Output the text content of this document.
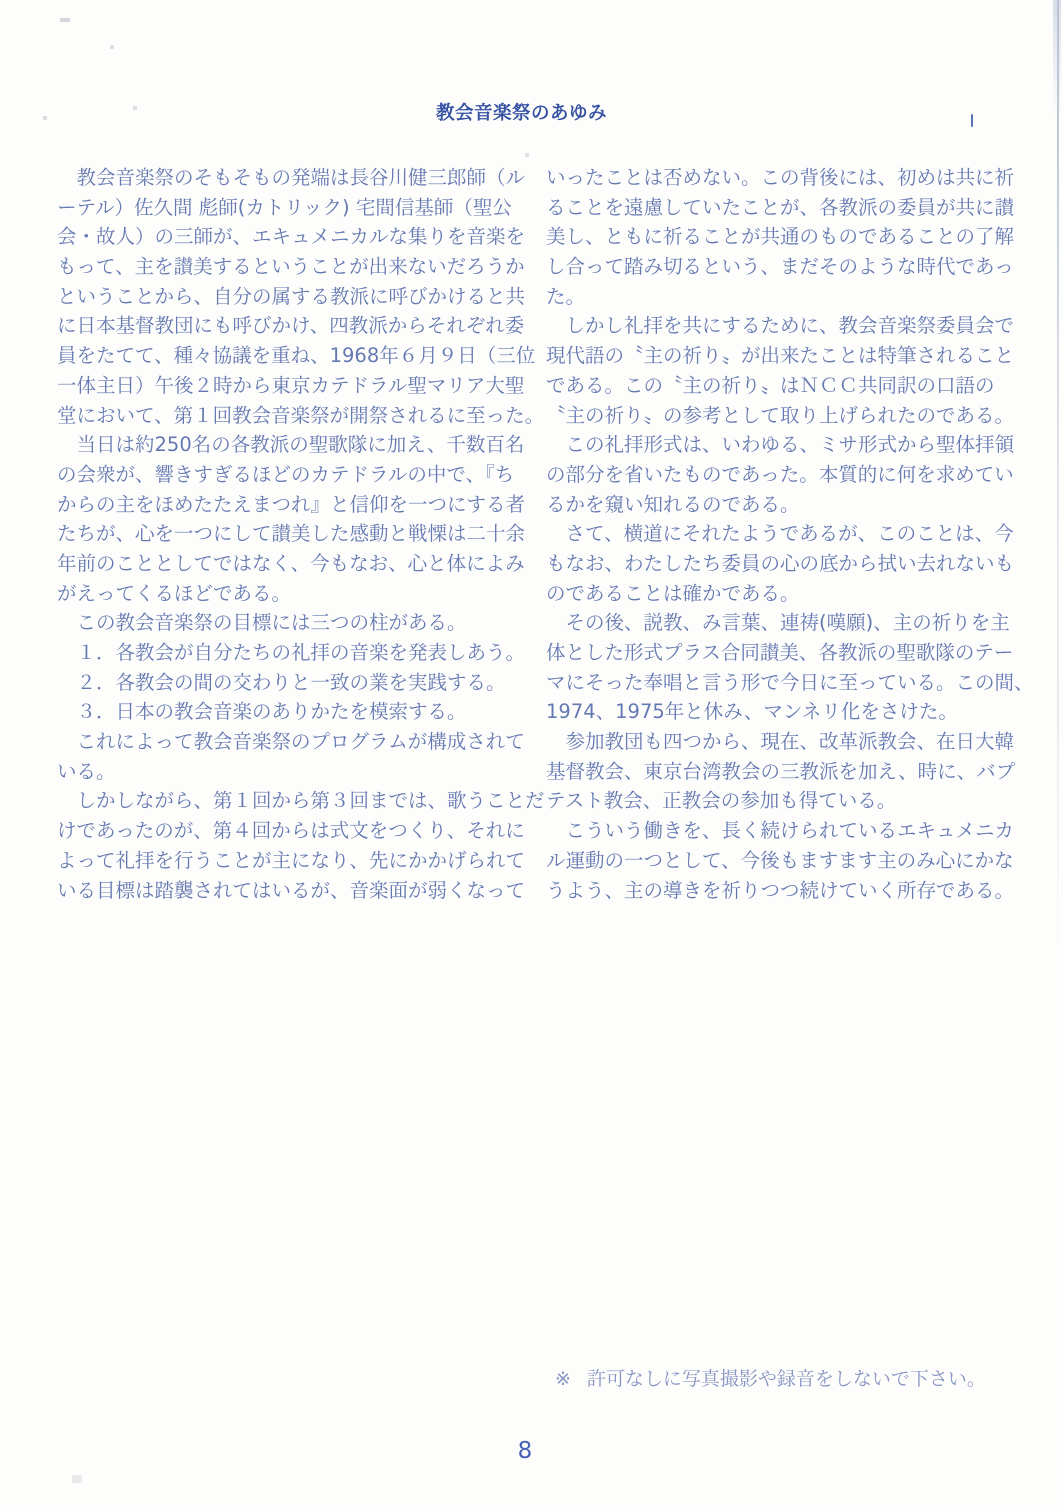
教会音楽祭のあゆみ
　教会音楽祭のそもそもの発端は長谷川健三郎師（ル
ーテル）佐久間 彪師(カトリック) 宅間信基師（聖公
会・故人）の三師が、エキュメニカルな集りを音楽を
もって、主を讃美するということが出来ないだろうか
ということから、自分の属する教派に呼びかけると共
に日本基督教団にも呼びかけ、四教派からそれぞれ委
員をたてて、種々協議を重ね、1968年６月９日（三位
一体主日）午後２時から東京カテドラル聖マリア大聖
堂において、第１回教会音楽祭が開祭されるに至った。
　当日は約250名の各教派の聖歌隊に加え、千数百名
の会衆が、響きすぎるほどのカテドラルの中で、『ち
からの主をほめたたえまつれ』と信仰を一つにする者
たちが、心を一つにして讃美した感動と戦慄は二十余
年前のこととしてではなく、今もなお、心と体によみ
がえってくるほどである。
　この教会音楽祭の目標には三つの柱がある。
　１．各教会が自分たちの礼拝の音楽を発表しあう。
　２．各教会の間の交わりと一致の業を実践する。
　３．日本の教会音楽のありかたを模索する。
　これによって教会音楽祭のプログラムが構成されて
いる。
　しかしながら、第１回から第３回までは、歌うことだ
けであったのが、第４回からは式文をつくり、それに
よって礼拝を行うことが主になり、先にかかげられて
いる目標は踏襲されてはいるが、音楽面が弱くなって
いったことは否めない。この背後には、初めは共に祈
ることを遠慮していたことが、各教派の委員が共に讃
美し、ともに祈ることが共通のものであることの了解
し合って踏み切るという、まだそのような時代であっ
た。
　しかし礼拝を共にするために、教会音楽祭委員会で
現代語の〝主の祈り〟が出来たことは特筆されること
である。この〝主の祈り〟はＮＣＣ共同訳の口語の
〝主の祈り〟の参考として取り上げられたのである。
　この礼拝形式は、いわゆる、ミサ形式から聖体拝領
の部分を省いたものであった。本質的に何を求めてい
るかを窺い知れるのである。
　さて、横道にそれたようであるが、このことは、今
もなお、わたしたち委員の心の底から拭い去れないも
のであることは確かである。
　その後、説教、み言葉、連祷(嘆願)、主の祈りを主
体とした形式プラス合同讃美、各教派の聖歌隊のテー
マにそった奉唱と言う形で今日に至っている。この間、
1974、1975年と休み、マンネリ化をさけた。
　参加教団も四つから、現在、改革派教会、在日大韓
基督教会、東京台湾教会の三教派を加え、時に、バプ
テスト教会、正教会の参加も得ている。
　こういう働きを、長く続けられているエキュメニカ
ル運動の一つとして、今後もますます主のみ心にかな
うよう、主の導きを祈りつつ続けていく所存である。
※ 許可なしに写真撮影や録音をしないで下さい。
8
